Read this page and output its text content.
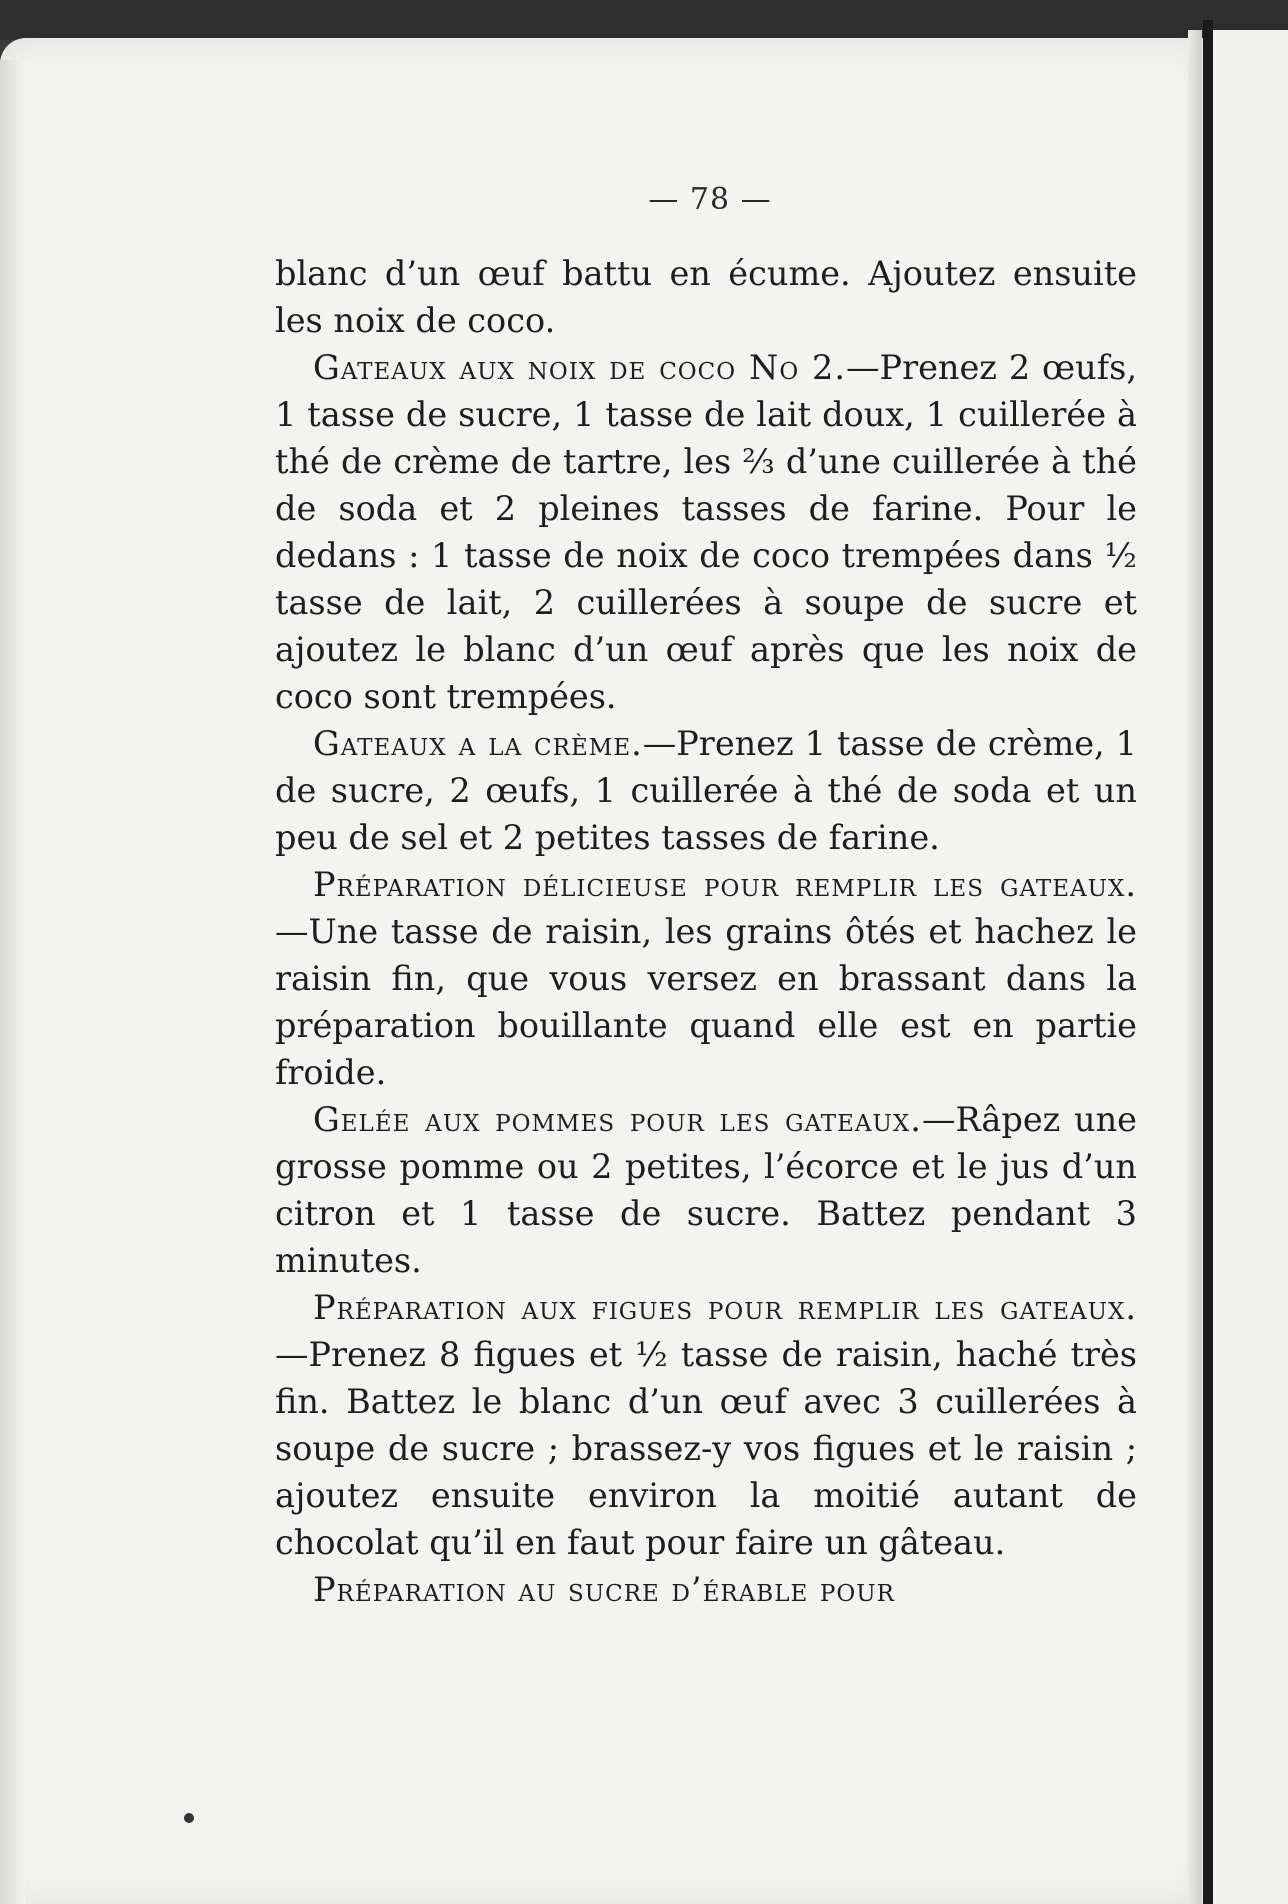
— 78 —

blanc d’un œuf battu en écume. Ajoutez ensuite les noix de coco.

Gateaux aux noix de coco No 2.—Prenez 2 œufs, 1 tasse de sucre, 1 tasse de lait doux, 1 cuillerée à thé de crème de tartre, les ⅔ d’une cuillerée à thé de soda et 2 pleines tasses de farine. Pour le dedans : 1 tasse de noix de coco trempées dans ½ tasse de lait, 2 cuillerées à soupe de sucre et ajoutez le blanc d’un œuf après que les noix de coco sont trempées.

Gateaux a la crème.—Prenez 1 tasse de crème, 1 de sucre, 2 œufs, 1 cuillerée à thé de soda et un peu de sel et 2 petites tasses de farine.

Préparation délicieuse pour remplir les gateaux.—Une tasse de raisin, les grains ôtés et hachez le raisin fin, que vous versez en brassant dans la préparation bouillante quand elle est en partie froide.

Gelée aux pommes pour les gateaux.—Râpez une grosse pomme ou 2 petites, l’écorce et le jus d’un citron et 1 tasse de sucre. Battez pendant 3 minutes.

Préparation aux figues pour remplir les gateaux.—Prenez 8 figues et ½ tasse de raisin, haché très fin. Battez le blanc d’un œuf avec 3 cuillerées à soupe de sucre ; brassez-y vos figues et le raisin ; ajoutez ensuite environ la moitié autant de chocolat qu’il en faut pour faire un gâteau.

Préparation au sucre d’érable pour
